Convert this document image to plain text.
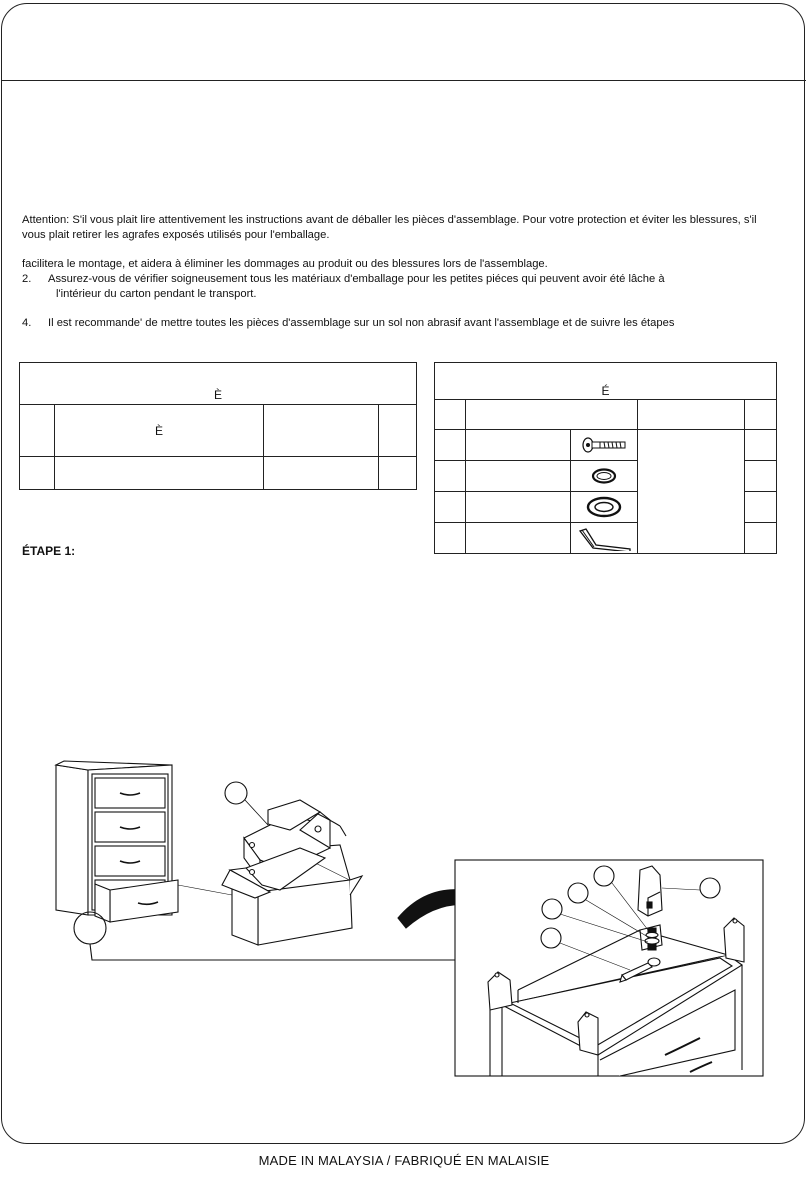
Attention: S'il vous plait lire attentivement les instructions avant de déballer les pièces d'assemblage. Pour votre protection et éviter les blessures, s'il vous plait retirer les agrafes exposés utilisés pour l'emballage.
facilitera le montage, et aidera à éliminer les dommages au produit ou des blessures lors de l'assemblage.
2. Assurez-vous de vérifier soigneusement tous les matériaux d'emballage pour les petites piéces qui peuvent avoir été lâche à
l'intérieur du carton pendant le transport.
4. Il est recommande' de mettre toutes les pièces d'assemblage sur un sol non abrasif avant l'assemblage et de suivre les étapes
È			
	È		

É				

ÉTAPE 1:
MADE IN MALAYSIA / FABRIQUÉ EN MALAISIE
